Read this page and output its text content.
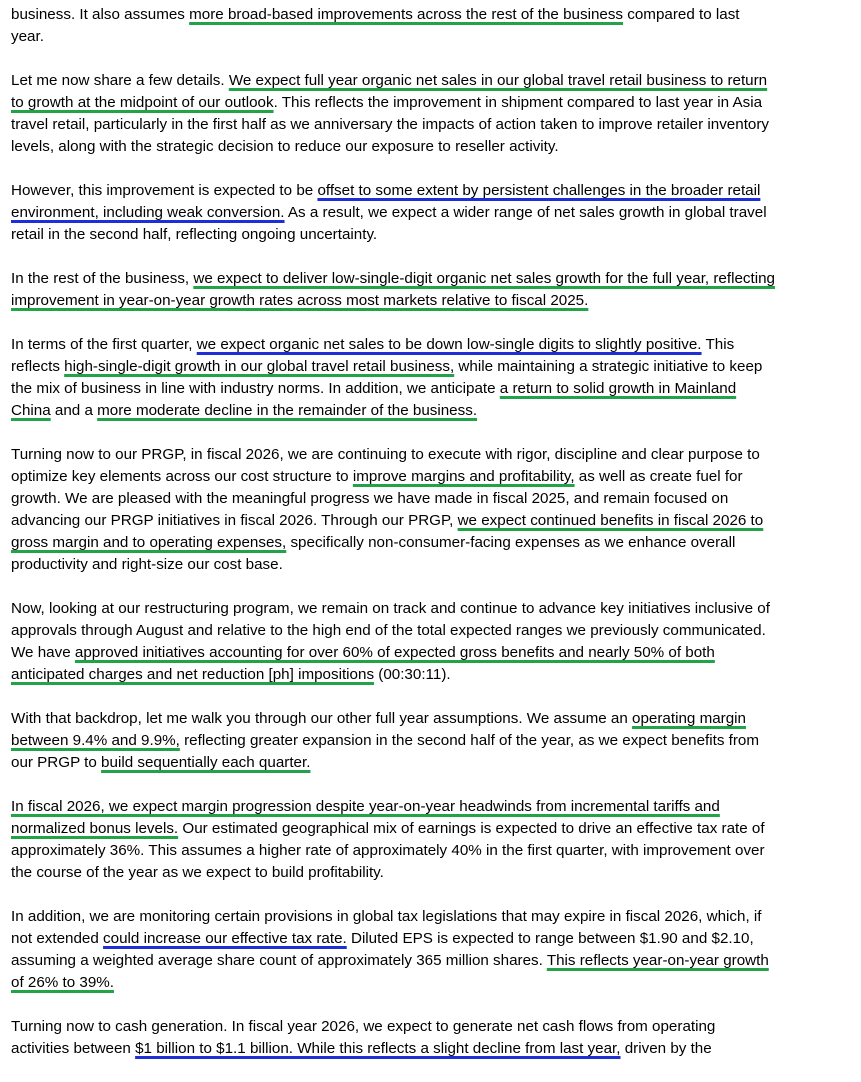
business. It also assumes more broad-based improvements across the rest of the business compared to last
year.

Let me now share a few details. We expect full year organic net sales in our global travel retail business to return
to growth at the midpoint of our outlook. This reflects the improvement in shipment compared to last year in Asia
travel retail, particularly in the first half as we anniversary the impacts of action taken to improve retailer inventory
levels, along with the strategic decision to reduce our exposure to reseller activity.

However, this improvement is expected to be offset to some extent by persistent challenges in the broader retail
environment, including weak conversion. As a result, we expect a wider range of net sales growth in global travel
retail in the second half, reflecting ongoing uncertainty.

In the rest of the business, we expect to deliver low-single-digit organic net sales growth for the full year, reflecting
improvement in year-on-year growth rates across most markets relative to fiscal 2025.

In terms of the first quarter, we expect organic net sales to be down low-single digits to slightly positive. This
reflects high-single-digit growth in our global travel retail business, while maintaining a strategic initiative to keep
the mix of business in line with industry norms. In addition, we anticipate a return to solid growth in Mainland
China and a more moderate decline in the remainder of the business.

Turning now to our PRGP, in fiscal 2026, we are continuing to execute with rigor, discipline and clear purpose to
optimize key elements across our cost structure to improve margins and profitability, as well as create fuel for
growth. We are pleased with the meaningful progress we have made in fiscal 2025, and remain focused on
advancing our PRGP initiatives in fiscal 2026. Through our PRGP, we expect continued benefits in fiscal 2026 to
gross margin and to operating expenses, specifically non-consumer-facing expenses as we enhance overall
productivity and right-size our cost base.

Now, looking at our restructuring program, we remain on track and continue to advance key initiatives inclusive of
approvals through August and relative to the high end of the total expected ranges we previously communicated.
We have approved initiatives accounting for over 60% of expected gross benefits and nearly 50% of both
anticipated charges and net reduction [ph] impositions (00:30:11).

With that backdrop, let me walk you through our other full year assumptions. We assume an operating margin
between 9.4% and 9.9%, reflecting greater expansion in the second half of the year, as we expect benefits from
our PRGP to build sequentially each quarter.

In fiscal 2026, we expect margin progression despite year-on-year headwinds from incremental tariffs and
normalized bonus levels. Our estimated geographical mix of earnings is expected to drive an effective tax rate of
approximately 36%. This assumes a higher rate of approximately 40% in the first quarter, with improvement over
the course of the year as we expect to build profitability.

In addition, we are monitoring certain provisions in global tax legislations that may expire in fiscal 2026, which, if
not extended could increase our effective tax rate. Diluted EPS is expected to range between $1.90 and $2.10,
assuming a weighted average share count of approximately 365 million shares. This reflects year-on-year growth
of 26% to 39%.

Turning now to cash generation. In fiscal year 2026, we expect to generate net cash flows from operating
activities between $1 billion to $1.1 billion. While this reflects a slight decline from last year, driven by the
